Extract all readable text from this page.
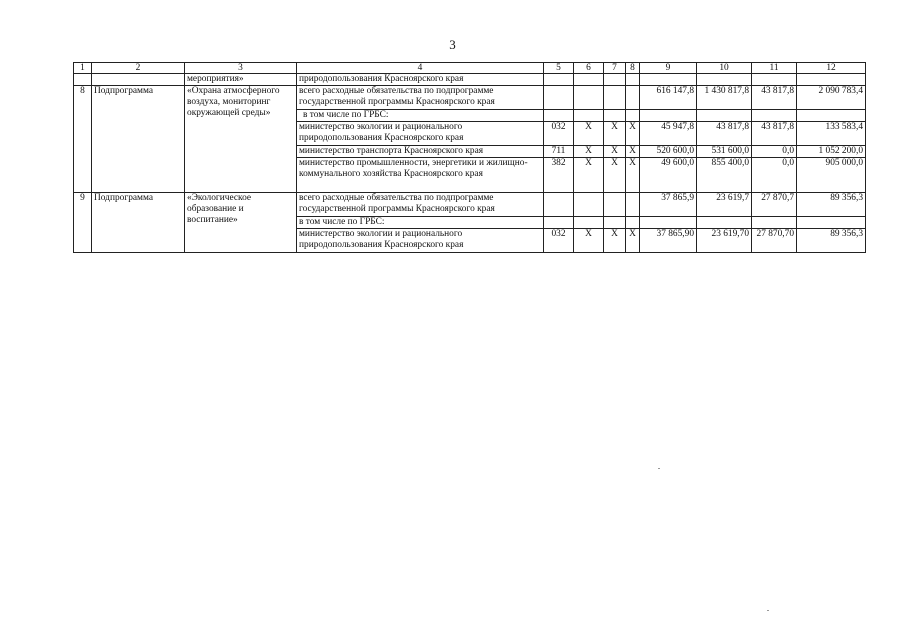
3
1	2	3	4	5	6	7	8	9	10	11	12
		мероприятия»	природопользования Красноярского края								
8	Подпрограмма	«Охрана атмосферного воздуха, мониторинг окружающей среды»	всего расходные обязательства по подпрограмме государственной программы Красноярского края					616 147,8	1 430 817,8	43 817,8	2 090 783,4
			в том числе по ГРБС:								
			министерство экологии и рационального природопользования Красноярского края	032	Х	Х	Х	45 947,8	43 817,8	43 817,8	133 583,4
			министерство транспорта Красноярского края	711	Х	Х	Х	520 600,0	531 600,0	0,0	1 052 200,0
			министерство промышленности, энергетики и жилищно-коммунального хозяйства Красноярского края	382	Х	Х	Х	49 600,0	855 400,0	0,0	905 000,0
9	Подпрограмма	«Экологическое образование и воспитание»	всего расходные обязательства по подпрограмме государственной программы Красноярского края					37 865,9	23 619,7	27 870,7	89 356,3
			в том числе по ГРБС:								
			министерство экологии и рационального природопользования Красноярского края	032	Х	Х	Х	37 865,90	23 619,70	27 870,70	89 356,3
